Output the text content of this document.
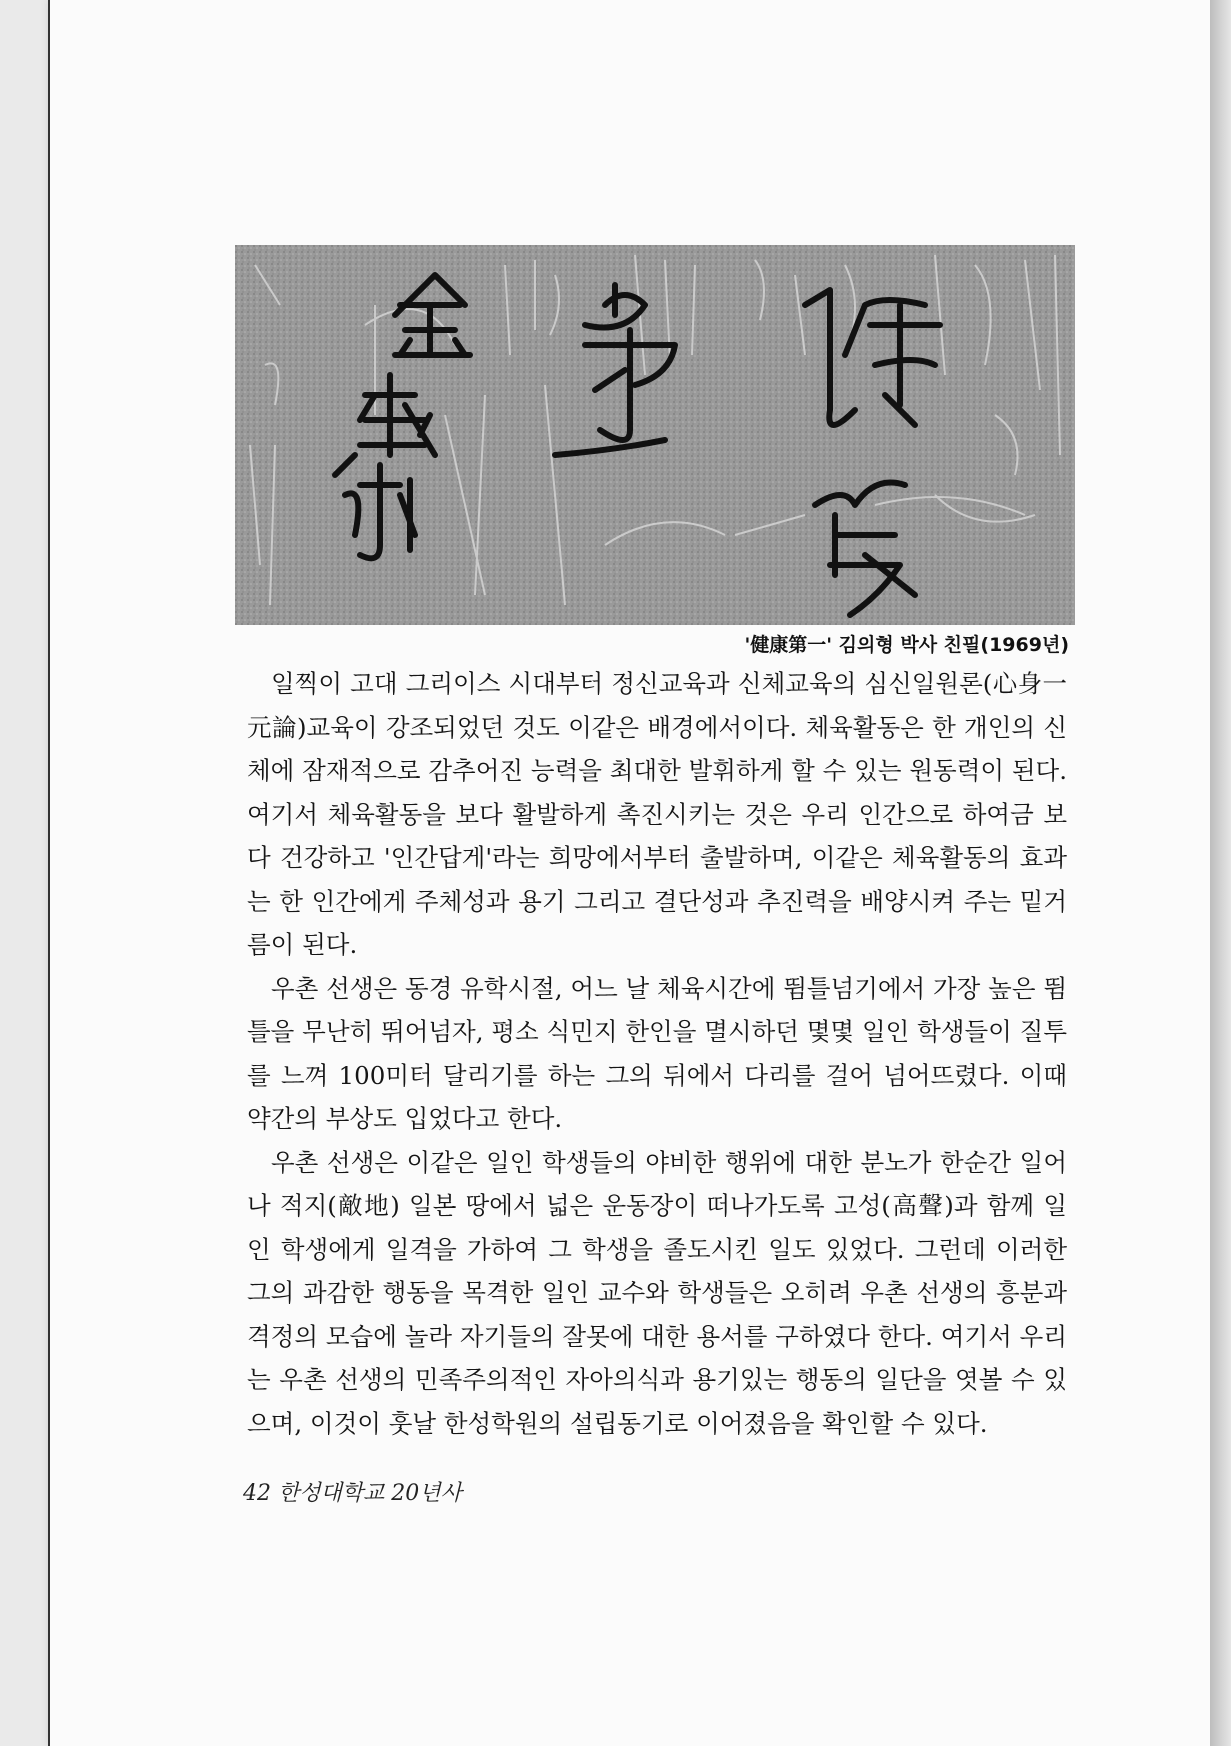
'健康第一' 김의형 박사 친필(1969년)

일찍이 고대 그리이스 시대부터 정신교육과 신체교육의 심신일원론(心身一元論)교육이 강조되었던 것도 이같은 배경에서이다. 체육활동은 한 개인의 신체에 잠재적으로 감추어진 능력을 최대한 발휘하게 할 수 있는 원동력이 된다. 여기서 체육활동을 보다 활발하게 촉진시키는 것은 우리 인간으로 하여금 보다 건강하고 '인간답게'라는 희망에서부터 출발하며, 이같은 체육활동의 효과는 한 인간에게 주체성과 용기 그리고 결단성과 추진력을 배양시켜 주는 밑거름이 된다.

우촌 선생은 동경 유학시절, 어느 날 체육시간에 뜀틀넘기에서 가장 높은 뜀틀을 무난히 뛰어넘자, 평소 식민지 한인을 멸시하던 몇몇 일인 학생들이 질투를 느껴 100미터 달리기를 하는 그의 뒤에서 다리를 걸어 넘어뜨렸다. 이때 약간의 부상도 입었다고 한다.

우촌 선생은 이같은 일인 학생들의 야비한 행위에 대한 분노가 한순간 일어나 적지(敵地) 일본 땅에서 넓은 운동장이 떠나가도록 고성(高聲)과 함께 일인 학생에게 일격을 가하여 그 학생을 졸도시킨 일도 있었다. 그런데 이러한 그의 과감한 행동을 목격한 일인 교수와 학생들은 오히려 우촌 선생의 흥분과 격정의 모습에 놀라 자기들의 잘못에 대한 용서를 구하였다 한다. 여기서 우리는 우촌 선생의 민족주의적인 자아의식과 용기있는 행동의 일단을 엿볼 수 있으며, 이것이 훗날 한성학원의 설립동기로 이어졌음을 확인할 수 있다.

42 한성대학교 20년사
